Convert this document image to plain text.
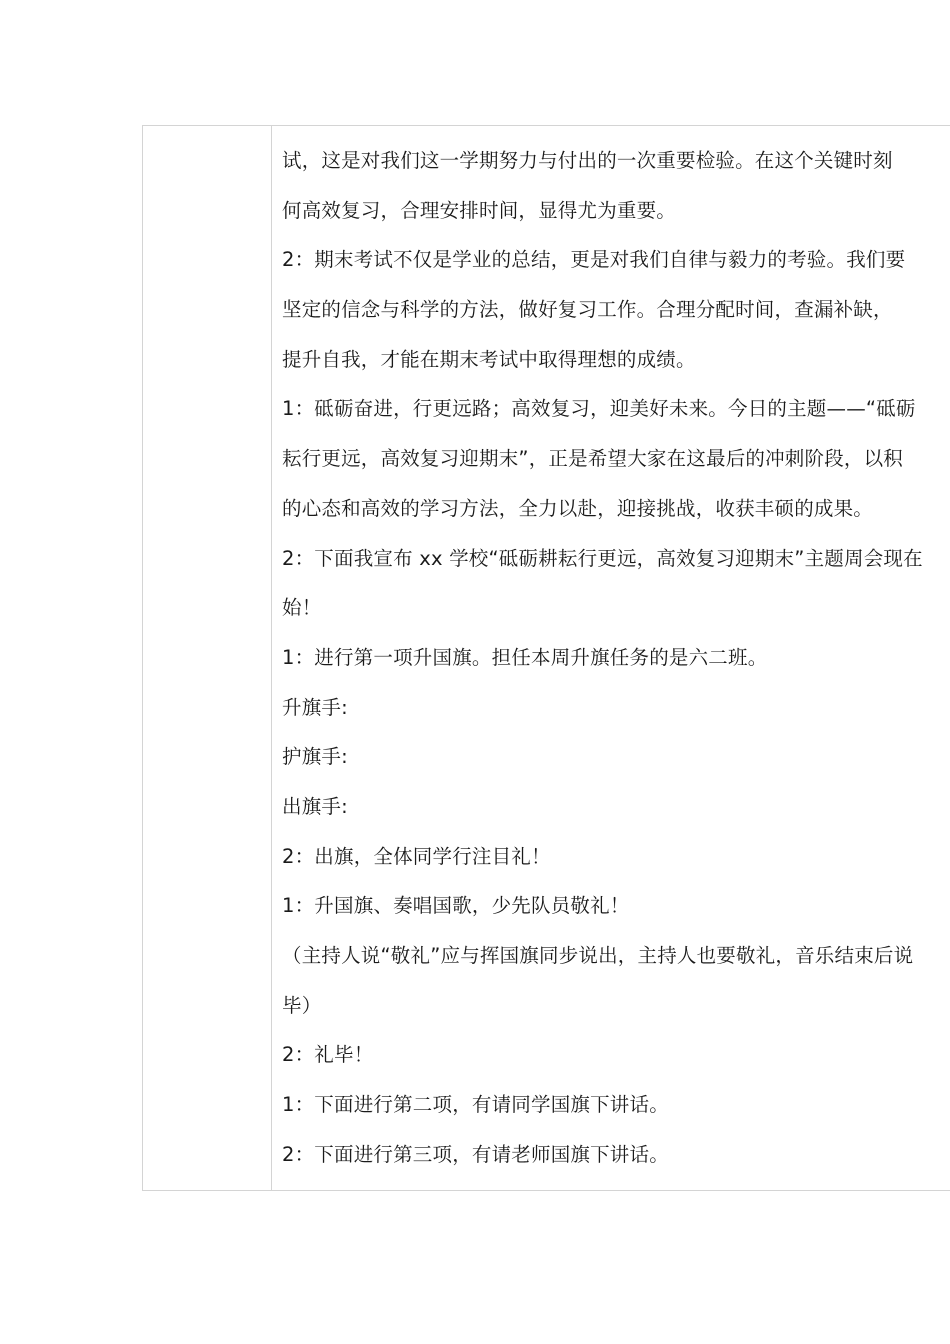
试，这是对我们这一学期努力与付出的一次重要检验。在这个关键时刻
何高效复习，合理安排时间，显得尤为重要。
2：期末考试不仅是学业的总结，更是对我们自律与毅力的考验。我们要
坚定的信念与科学的方法，做好复习工作。合理分配时间，查漏补缺，
提升自我，才能在期末考试中取得理想的成绩。
1：砥砺奋进，行更远路；高效复习，迎美好未来。今日的主题——“砥砺
耘行更远，高效复习迎期末”，正是希望大家在这最后的冲刺阶段，以积
的心态和高效的学习方法，全力以赴，迎接挑战，收获丰硕的成果。
2：下面我宣布 xx 学校“砥砺耕耘行更远，高效复习迎期末”主题周会现在
始！
1：进行第一项升国旗。担任本周升旗任务的是六二班。
升旗手:
护旗手:
出旗手:
2：出旗，全体同学行注目礼！
1：升国旗、奏唱国歌，少先队员敬礼！
（主持人说“敬礼”应与挥国旗同步说出，主持人也要敬礼，音乐结束后说
毕）
2：礼毕！
1：下面进行第二项，有请同学国旗下讲话。
2：下面进行第三项，有请老师国旗下讲话。
